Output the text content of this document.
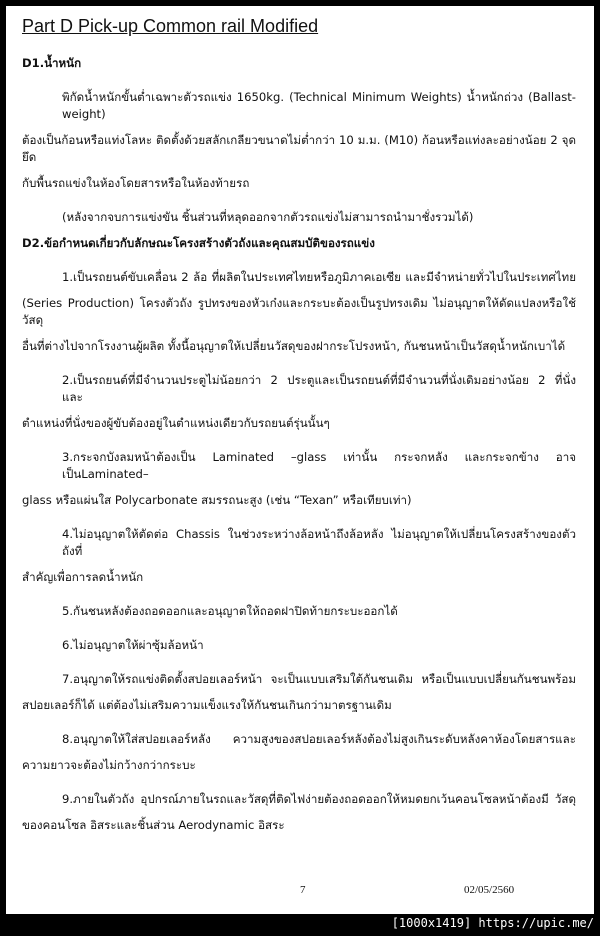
Part D Pick-up Common rail Modified
D1.น้ำหนัก
พิกัดน้ำหนักขั้นต่ำเฉพาะตัวรถแข่ง 1650kg. (Technical Minimum Weights) น้ำหนักถ่วง (Ballast-weight)
ต้องเป็นก้อนหรือแท่งโลหะ ติดตั้งด้วยสลักเกลียวขนาดไม่ต่ำกว่า 10 ม.ม. (M10) ก้อนหรือแท่งละอย่างน้อย 2 จุด ยึด
กับพื้นรถแข่งในห้องโดยสารหรือในห้องท้ายรถ
(หลังจากจบการแข่งขัน ชิ้นส่วนที่หลุดออกจากตัวรถแข่งไม่สามารถนำมาชั่งรวมได้)
D2.ข้อกำหนดเกี่ยวกับลักษณะโครงสร้างตัวถังและคุณสมบัติของรถแข่ง
1.เป็นรถยนต์ขับเคลื่อน 2 ล้อ ที่ผลิตในประเทศไทยหรือภูมิภาคเอเซีย และมีจำหน่ายทั่วไปในประเทศไทย
(Series Production) โครงตัวถัง รูปทรงของหัวเก๋งและกระบะต้องเป็นรูปทรงเดิม ไม่อนุญาตให้ดัดแปลงหรือใช้วัสดุ
อื่นที่ต่างไปจากโรงงานผู้ผลิต ทั้งนี้อนุญาตให้เปลี่ยนวัสดุของฝากระโปรงหน้า, กันชนหน้าเป็นวัสดุน้ำหนักเบาได้
2.เป็นรถยนต์ที่มีจำนวนประตูไม่น้อยกว่า 2 ประตูและเป็นรถยนต์ที่มีจำนวนที่นั่งเดิมอย่างน้อย 2 ที่นั่ง และ
ตำแหน่งที่นั่งของผู้ขับต้องอยู่ในตำแหน่งเดียวกับรถยนต์รุ่นนั้นๆ
3.กระจกบังลมหน้าต้องเป็น Laminated –glass เท่านั้น กระจกหลัง และกระจกข้าง อาจเป็นLaminated–
glass หรือแผ่นใส Polycarbonate สมรรถนะสูง (เช่น “Texan” หรือเทียบเท่า)
4.ไม่อนุญาตให้ตัดต่อ Chassis ในช่วงระหว่างล้อหน้าถึงล้อหลัง ไม่อนุญาตให้เปลี่ยนโครงสร้างของตัวถังที่
สำคัญเพื่อการลดน้ำหนัก
5.กันชนหลังต้องถอดออกและอนุญาตให้ถอดฝาปิดท้ายกระบะออกได้
6.ไม่อนุญาตให้ผ่าซุ้มล้อหน้า
7.อนุญาตให้รถแข่งติดตั้งสปอยเลอร์หน้า จะเป็นแบบเสริมใต้กันชนเดิม หรือเป็นแบบเปลี่ยนกันชนพร้อม
สปอยเลอร์ก็ได้ แต่ต้องไม่เสริมความแข็งแรงให้กันชนเกินกว่ามาตรฐานเดิม
8.อนุญาตให้ใส่สปอยเลอร์หลัง ความสูงของสปอยเลอร์หลังต้องไม่สูงเกินระดับหลังคาห้องโดยสารและ
ความยาวจะต้องไม่กว้างกว่ากระบะ
9.ภายในตัวถัง อุปกรณ์ภายในรถและวัสดุที่ติดไฟง่ายต้องถอดออกให้หมดยกเว้นคอนโซลหน้าต้องมี วัสดุ
ของคอนโซล อิสระและชิ้นส่วน Aerodynamic อิสระ
7	02/05/2560
[1000x1419] https://upic.me/
